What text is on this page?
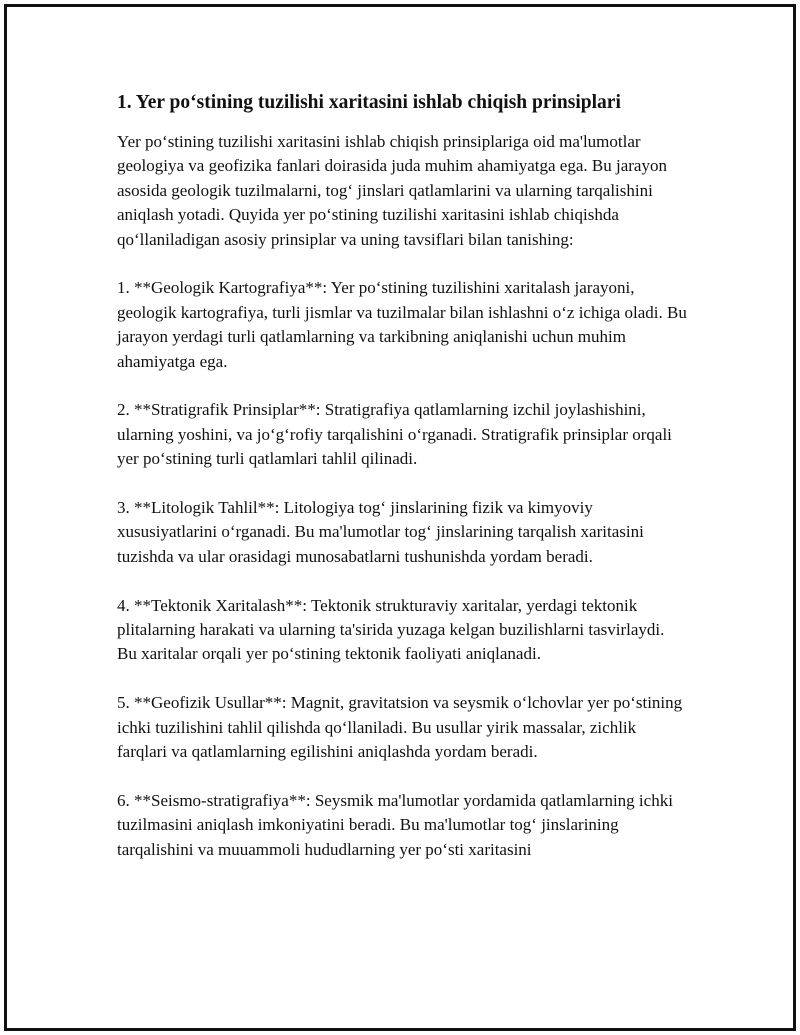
1. Yer po‘stining tuzilishi xaritasini ishlab chiqish prinsiplari

Yer po‘stining tuzilishi xaritasini ishlab chiqish prinsiplariga oid ma'lumotlar geologiya va geofizika fanlari doirasida juda muhim ahamiyatga ega. Bu jarayon asosida geologik tuzilmalarni, tog‘ jinslari qatlamlarini va ularning tarqalishini aniqlash yotadi. Quyida yer po‘stining tuzilishi xaritasini ishlab chiqishda qo‘llaniladigan asosiy prinsiplar va uning tavsiflari bilan tanishing:

1. **Geologik Kartografiya**: Yer po‘stining tuzilishini xaritalash jarayoni, geologik kartografiya, turli jismlar va tuzilmalar bilan ishlashni o‘z ichiga oladi. Bu jarayon yerdagi turli qatlamlarning va tarkibning aniqlanishi uchun muhim ahamiyatga ega.

2. **Stratigrafik Prinsiplar**: Stratigrafiya qatlamlarning izchil joylashishini, ularning yoshini, va jo‘g‘rofiy tarqalishini o‘rganadi. Stratigrafik prinsiplar orqali yer po‘stining turli qatlamlari tahlil qilinadi.

3. **Litologik Tahlil**: Litologiya tog‘ jinslarining fizik va kimyoviy xususiyatlarini o‘rganadi. Bu ma'lumotlar tog‘ jinslarining tarqalish xaritasini tuzishda va ular orasidagi munosabatlarni tushunishda yordam beradi.

4. **Tektonik Xaritalash**: Tektonik strukturaviy xaritalar, yerdagi tektonik plitalarning harakati va ularning ta'sirida yuzaga kelgan buzilishlarni tasvirlaydi. Bu xaritalar orqali yer po‘stining tektonik faoliyati aniqlanadi.

5. **Geofizik Usullar**: Magnit, gravitatsion va seysmik o‘lchovlar yer po‘stining ichki tuzilishini tahlil qilishda qo‘llaniladi. Bu usullar yirik massalar, zichlik farqlari va qatlamlarning egilishini aniqlashda yordam beradi.

6. **Seismo-stratigrafiya**: Seysmik ma'lumotlar yordamida qatlamlarning ichki tuzilmasini aniqlash imkoniyatini beradi. Bu ma'lumotlar tog‘ jinslarining tarqalishini va muuammoli hududlarning yer po‘sti xaritasini
